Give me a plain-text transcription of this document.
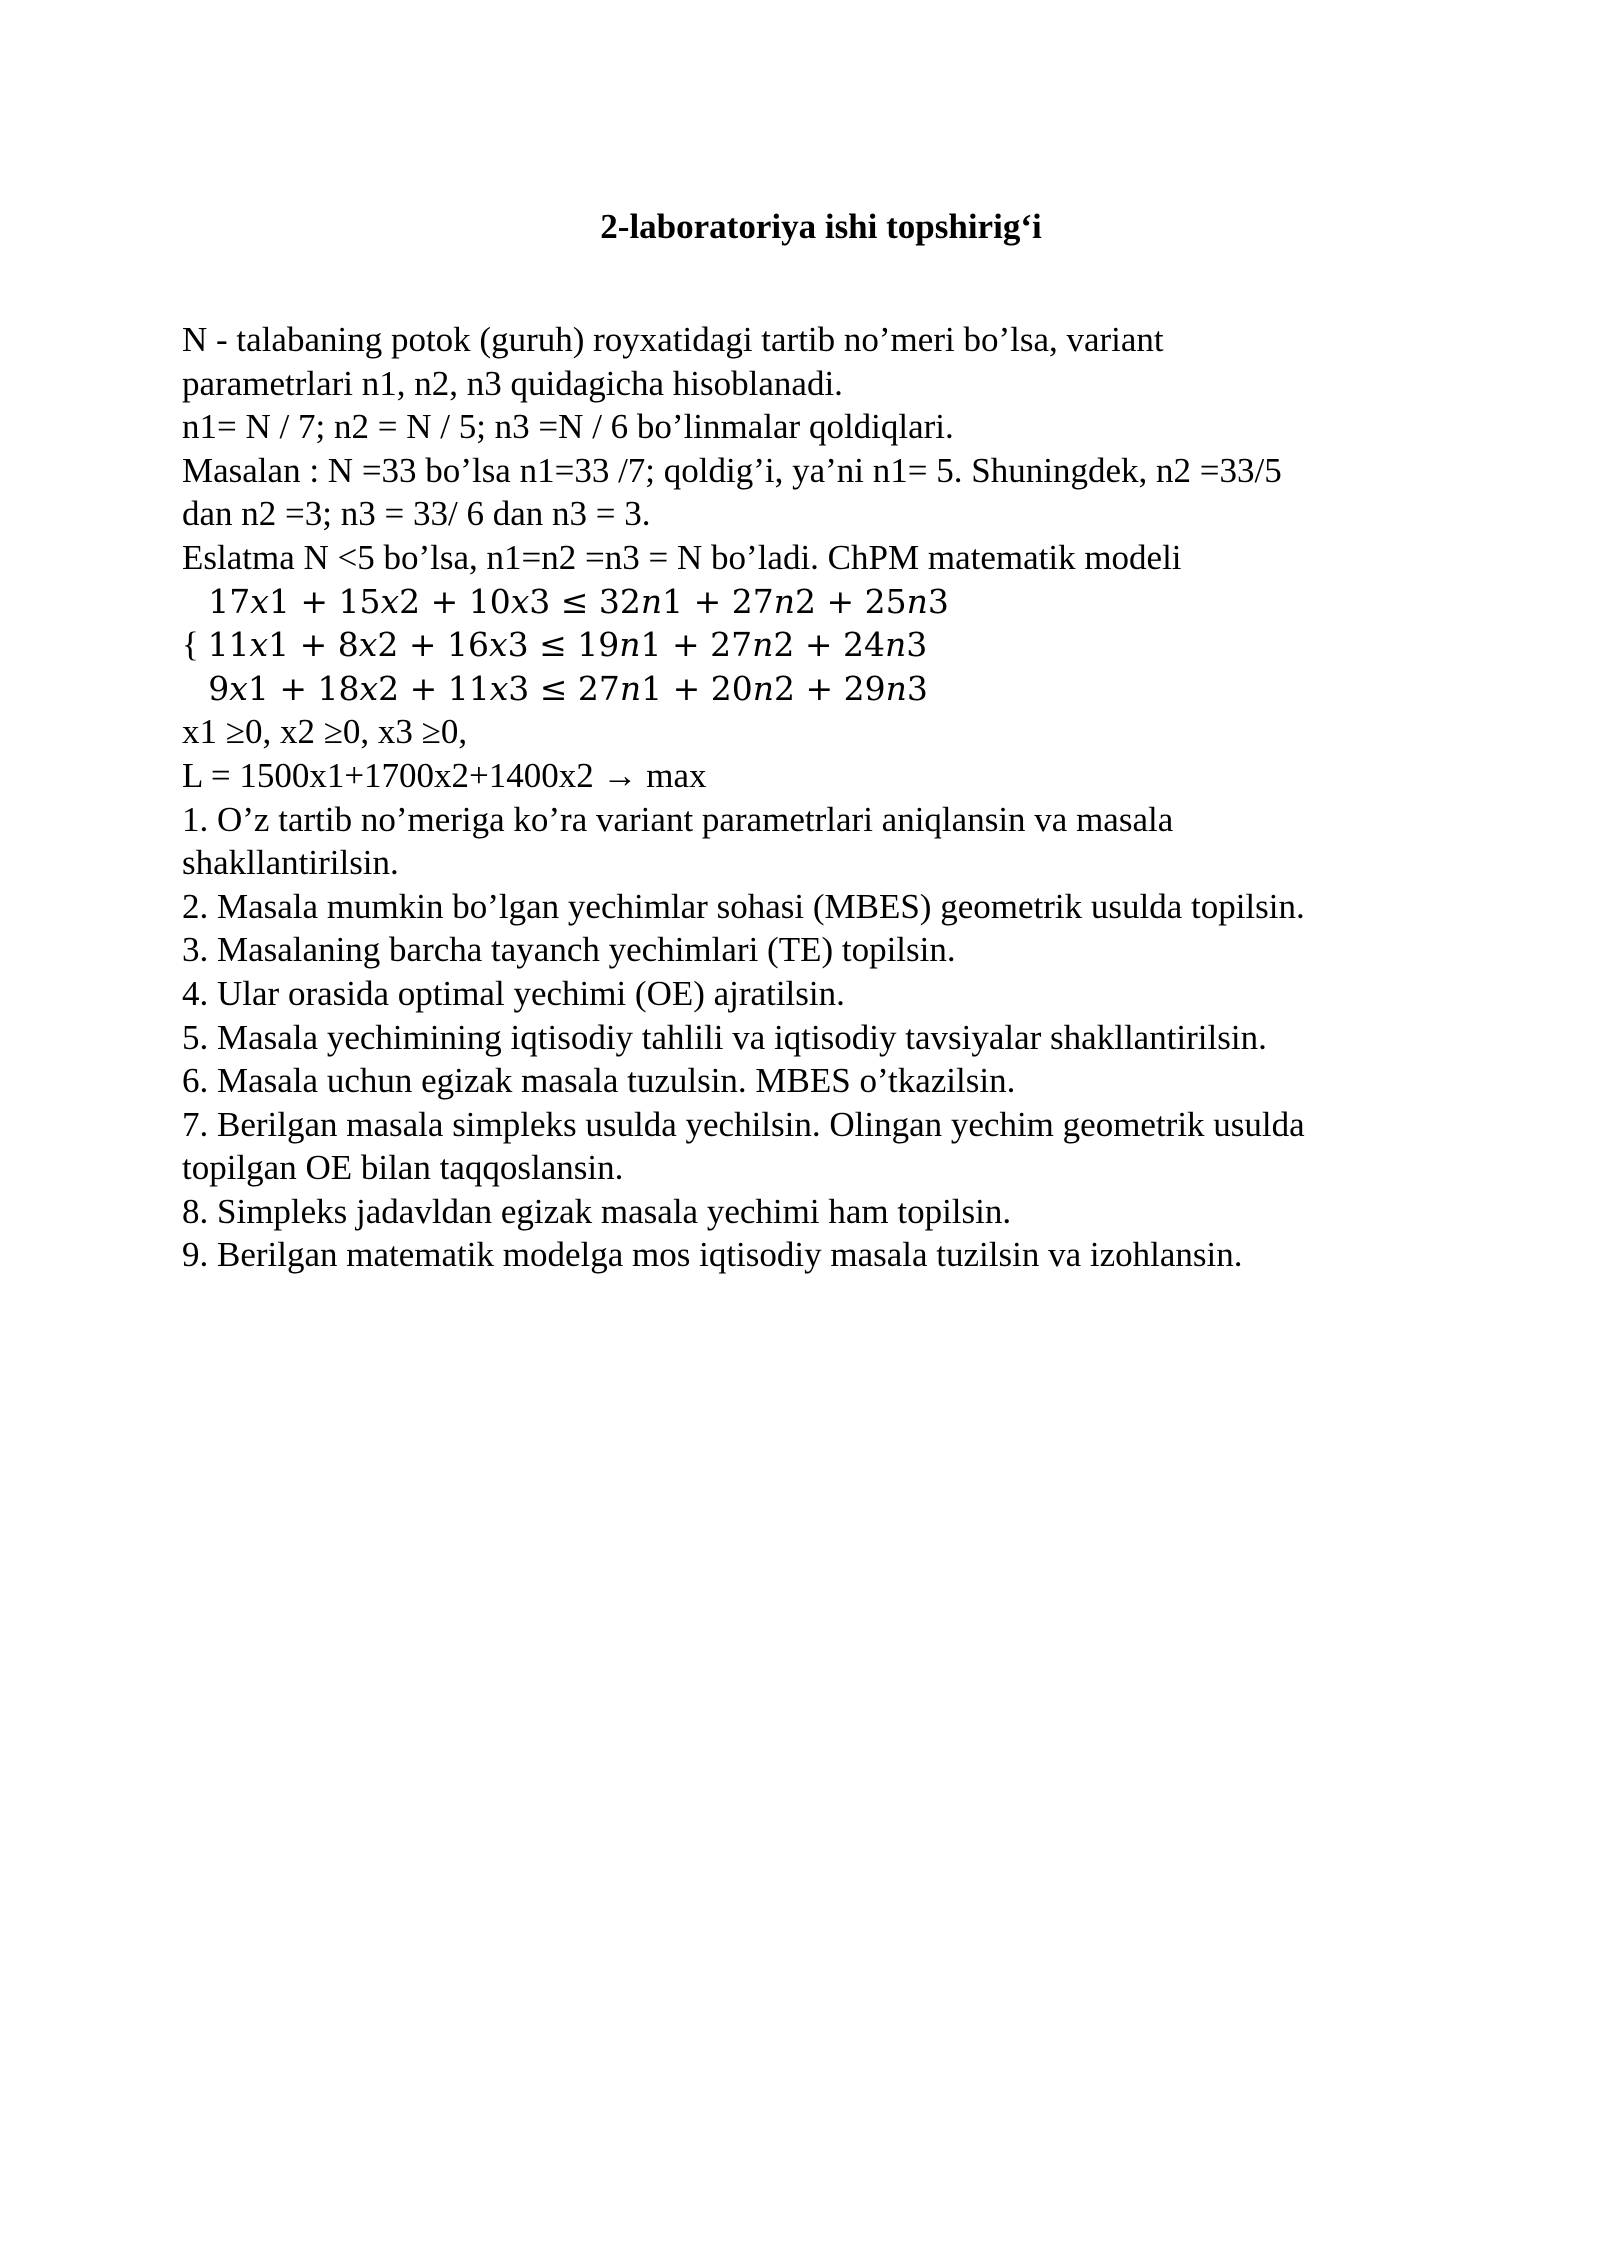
2-laboratoriya ishi topshirig‘i
N - talabaning potok (guruh) royxatidagi tartib no’meri bo’lsa, variant
parametrlari n1, n2, n3 quidagicha hisoblanadi.
n1= N / 7; n2 = N / 5; n3 =N / 6 bo’linmalar qoldiqlari.
Masalan : N =33 bo’lsa n1=33 /7; qoldig’i, ya’ni n1= 5. Shuningdek, n2 =33/5
dan n2 =3; n3 = 33/ 6 dan n3 = 3.
Eslatma N <5 bo’lsa, n1=n2 =n3 = N bo’ladi. ChPM matematik modeli
17𝑥1 + 15𝑥2 + 10𝑥3 ≤ 32𝑛1 + 27𝑛2 + 25𝑛3
{ 11𝑥1 + 8𝑥2 + 16𝑥3 ≤ 19𝑛1 + 27𝑛2 + 24𝑛3
9𝑥1 + 18𝑥2 + 11𝑥3 ≤ 27𝑛1 + 20𝑛2 + 29𝑛3
x1 ≥0, x2 ≥0, x3 ≥0,
L = 1500x1+1700x2+1400x2 → max
1. O’z tartib no’meriga ko’ra variant parametrlari aniqlansin va masala
shakllantirilsin.
2. Masala mumkin bo’lgan yechimlar sohasi (MBES) geometrik usulda topilsin.
3. Masalaning barcha tayanch yechimlari (TE) topilsin.
4. Ular orasida optimal yechimi (OE) ajratilsin.
5. Masala yechimining iqtisodiy tahlili va iqtisodiy tavsiyalar shakllantirilsin.
6. Masala uchun egizak masala tuzulsin. MBES o’tkazilsin.
7. Berilgan masala simpleks usulda yechilsin. Olingan yechim geometrik usulda
topilgan OE bilan taqqoslansin.
8. Simpleks jadavldan egizak masala yechimi ham topilsin.
9. Berilgan matematik modelga mos iqtisodiy masala tuzilsin va izohlansin.
